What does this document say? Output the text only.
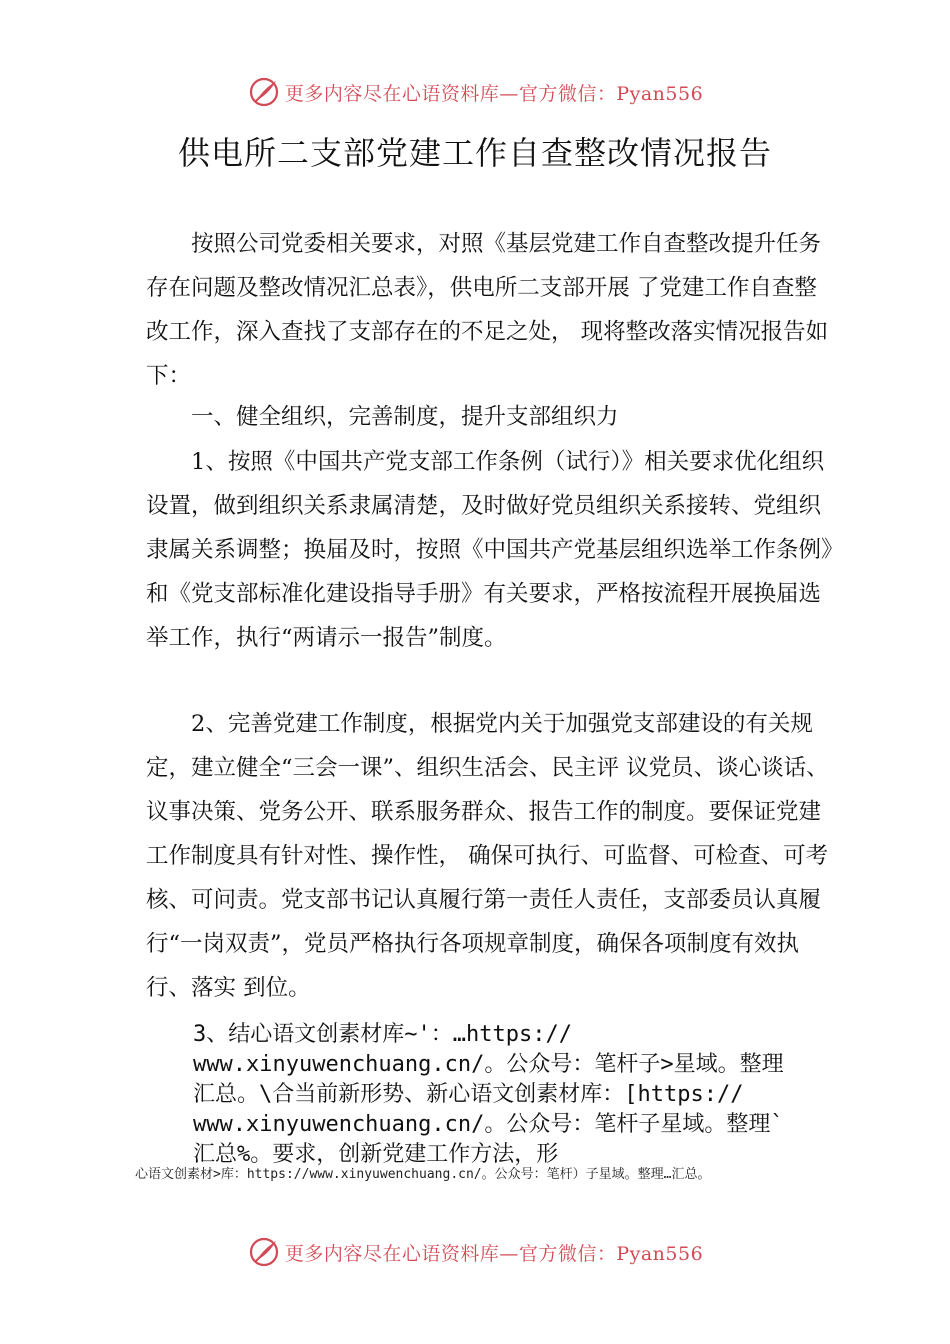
更多内容尽在心语资料库—官方微信：Pyan556
供电所二支部党建工作自查整改情况报告

按照公司党委相关要求，对照《基层党建工作自查整改提升任务存在问题及整改情况汇总表》，供电所二支部开展 了党建工作自查整改工作，深入查找了支部存在的不足之处， 现将整改落实情况报告如下：

一、健全组织，完善制度，提升支部组织力

1、按照《中国共产党支部工作条例（试行）》相关要求优化组织设置，做到组织关系隶属清楚，及时做好党员组织关系接转、党组织隶属关系调整；换届及时，按照《中国共产党基层组织选举工作条例》和《党支部标准化建设指导手册》有关要求，严格按流程开展换届选举工作，执行“两请示一报告”制度。

2、完善党建工作制度，根据党内关于加强党支部建设的有关规定，建立健全“三会一课”、组织生活会、民主评 议党员、谈心谈话、议事决策、党务公开、联系服务群众、报告工作的制度。要保证党建工作制度具有针对性、操作性， 确保可执行、可监督、可检查、可考核、可问责。党支部书记认真履行第一责任人责任，支部委员认真履行“一岗双责”，党员严格执行各项规章制度，确保各项制度有效执行、落实 到位。

3、结心语文创素材库~'：…https://
www.xinyuwenchuang.cn/。公众号：笔杆子>星域。整理
汇总。\合当前新形势、新心语文创素材库：[https://
www.xinyuwenchuang.cn/。公众号：笔杆子星域。整理`
汇总%。要求，创新党建工作方法，形
心语文创素材>库：https://www.xinyuwenchuang.cn/。公众号：笔杆）子星域。整理…汇总。
更多内容尽在心语资料库—官方微信：Pyan556
